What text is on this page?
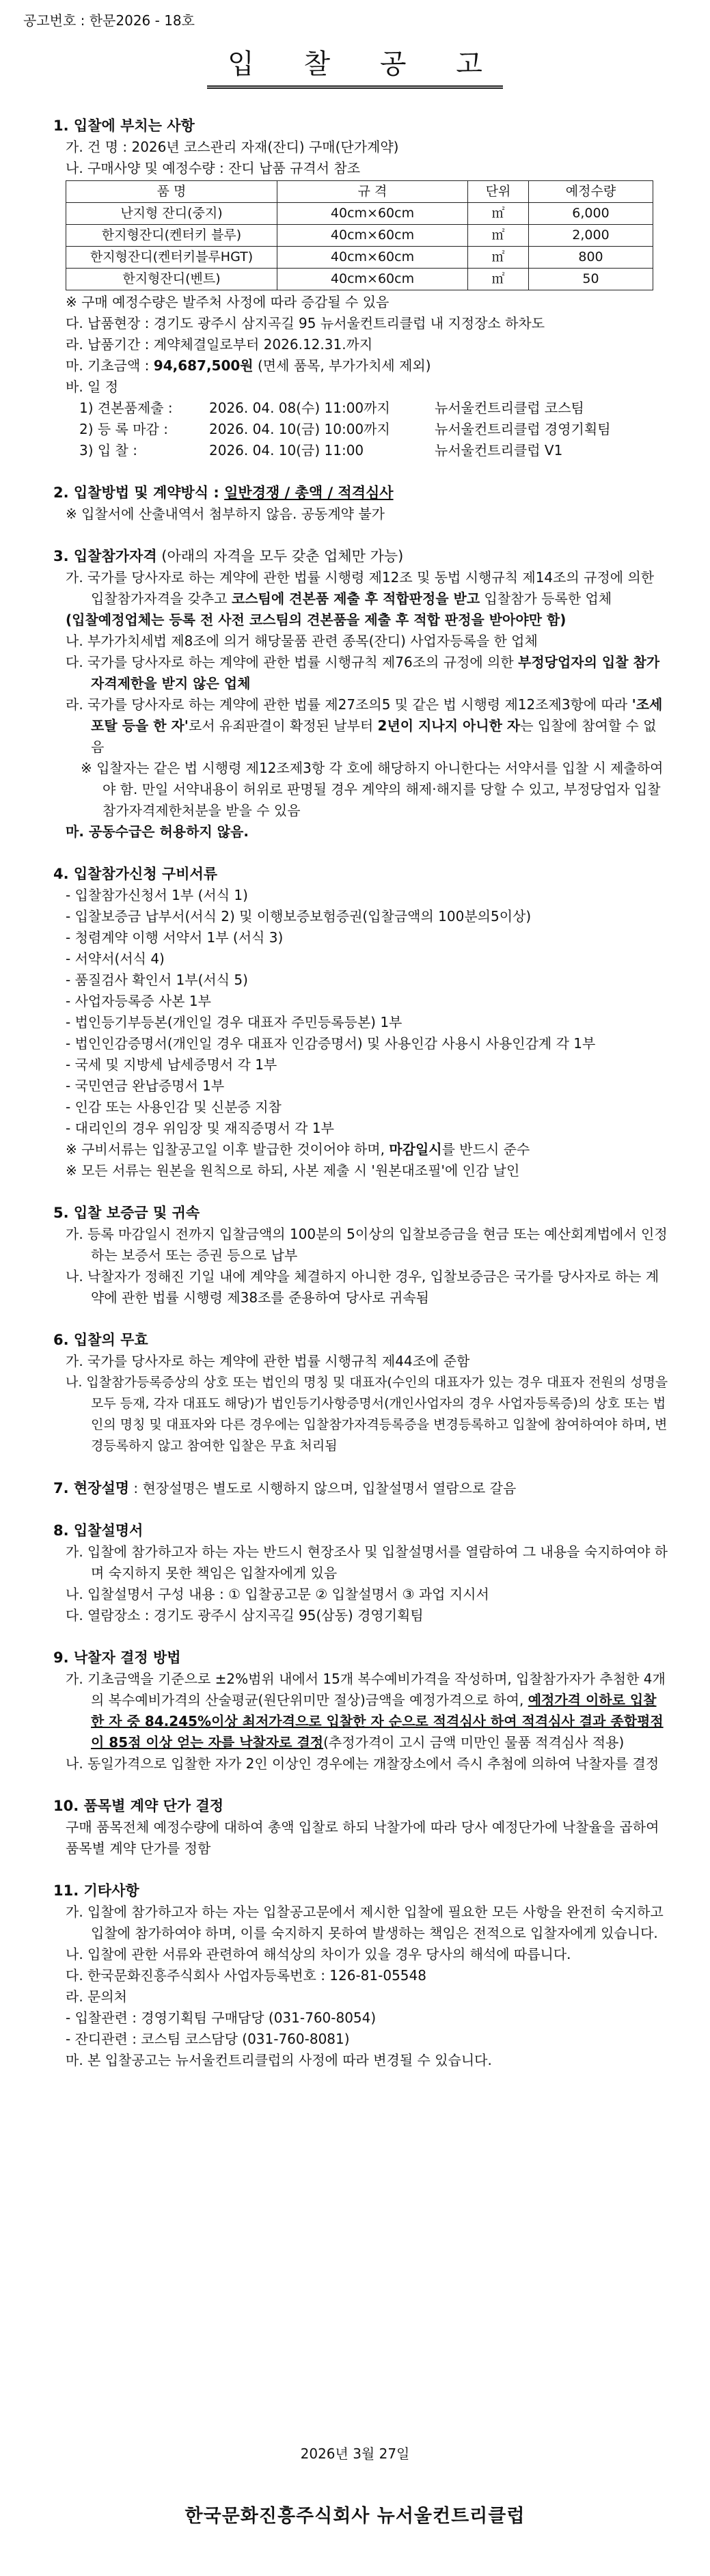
공고번호 : 한문2026 - 18호
입 찰 공 고
1. 입찰에 부치는 사항
가. 건 명 : 2026년 코스관리 자재(잔디) 구매(단가계약)
나. 구매사양 및 예정수량 : 잔디 납품 규격서 참조
품 명	규 격	단위	예정수량
난지형 잔디(중지)	40cm×60cm	㎡	6,000
한지형잔디(켄터키 블루)	40cm×60cm	㎡	2,000
한지형잔디(켄터키블루HGT)	40cm×60cm	㎡	800
한지형잔디(벤트)	40cm×60cm	㎡	50
※ 구매 예정수량은 발주처 사정에 따라 증감될 수 있음
다. 납품현장 : 경기도 광주시 삼지곡길 95 뉴서울컨트리클럽 내 지정장소 하차도
라. 납품기간 : 계약체결일로부터 2026.12.31.까지
마. 기초금액 : 94,687,500원 (면세 품목, 부가가치세 제외)
바. 일 정
1) 견본품제출 :	2026. 04. 08(수) 11:00까지	뉴서울컨트리클럽 코스팀
2) 등 록 마감 :	2026. 04. 10(금) 10:00까지	뉴서울컨트리클럽 경영기획팀
3) 입 찰 :	2026. 04. 10(금) 11:00	뉴서울컨트리클럽 V1
2. 입찰방법 및 계약방식 : 일반경쟁 / 총액 / 적격심사
※ 입찰서에 산출내역서 첨부하지 않음. 공동계약 불가
3. 입찰참가자격 (아래의 자격을 모두 갖춘 업체만 가능)
가. 국가를 당사자로 하는 계약에 관한 법률 시행령 제12조 및 동법 시행규칙 제14조의 규정에 의한 입찰참가자격을 갖추고 코스팀에 견본품 제출 후 적합판정을 받고 입찰참가 등록한 업체
(입찰예정업체는 등록 전 사전 코스팀의 견본품을 제출 후 적합 판정을 받아야만 함)
나. 부가가치세법 제8조에 의거 해당물품 관련 종목(잔디) 사업자등록을 한 업체
다. 국가를 당사자로 하는 계약에 관한 법률 시행규칙 제76조의 규정에 의한 부정당업자의 입찰 참가 자격제한을 받지 않은 업체
라. 국가를 당사자로 하는 계약에 관한 법률 제27조의5 및 같은 법 시행령 제12조제3항에 따라 '조세포탈 등을 한 자'로서 유죄판결이 확정된 날부터 2년이 지나지 아니한 자는 입찰에 참여할 수 없음
※ 입찰자는 같은 법 시행령 제12조제3항 각 호에 해당하지 아니한다는 서약서를 입찰 시 제출하여야 함. 만일 서약내용이 허위로 판명될 경우 계약의 해제·해지를 당할 수 있고, 부정당업자 입찰참가자격제한처분을 받을 수 있음
마. 공동수급은 허용하지 않음.
4. 입찰참가신청 구비서류
- 입찰참가신청서 1부 (서식 1)
- 입찰보증금 납부서(서식 2) 및 이행보증보험증권(입찰금액의 100분의5이상)
- 청렴계약 이행 서약서 1부 (서식 3)
- 서약서(서식 4)
- 품질검사 확인서 1부(서식 5)
- 사업자등록증 사본 1부
- 법인등기부등본(개인일 경우 대표자 주민등록등본) 1부
- 법인인감증명서(개인일 경우 대표자 인감증명서) 및 사용인감 사용시 사용인감계 각 1부
- 국세 및 지방세 납세증명서 각 1부
- 국민연금 완납증명서 1부
- 인감 또는 사용인감 및 신분증 지참
- 대리인의 경우 위임장 및 재직증명서 각 1부
※ 구비서류는 입찰공고일 이후 발급한 것이어야 하며, 마감일시를 반드시 준수
※ 모든 서류는 원본을 원칙으로 하되, 사본 제출 시 '원본대조필'에 인감 날인
5. 입찰 보증금 및 귀속
가. 등록 마감일시 전까지 입찰금액의 100분의 5이상의 입찰보증금을 현금 또는 예산회계법에서 인정하는 보증서 또는 증권 등으로 납부
나. 낙찰자가 정해진 기일 내에 계약을 체결하지 아니한 경우, 입찰보증금은 국가를 당사자로 하는 계약에 관한 법률 시행령 제38조를 준용하여 당사로 귀속됨
6. 입찰의 무효
가. 국가를 당사자로 하는 계약에 관한 법률 시행규칙 제44조에 준함
나. 입찰참가등록증상의 상호 또는 법인의 명칭 및 대표자(수인의 대표자가 있는 경우 대표자 전원의 성명을 모두 등재, 각자 대표도 해당)가 법인등기사항증명서(개인사업자의 경우 사업자등록증)의 상호 또는 법인의 명칭 및 대표자와 다른 경우에는 입찰참가자격등록증을 변경등록하고 입찰에 참여하여야 하며, 변경등록하지 않고 참여한 입찰은 무효 처리됨
7. 현장설명 : 현장설명은 별도로 시행하지 않으며, 입찰설명서 열람으로 갈음
8. 입찰설명서
가. 입찰에 참가하고자 하는 자는 반드시 현장조사 및 입찰설명서를 열람하여 그 내용을 숙지하여야 하며 숙지하지 못한 책임은 입찰자에게 있음
나. 입찰설명서 구성 내용 : ① 입찰공고문 ② 입찰설명서 ③ 과업 지시서
다. 열람장소 : 경기도 광주시 삼지곡길 95(삼동) 경영기획팀
9. 낙찰자 결정 방법
가. 기초금액을 기준으로 ±2%범위 내에서 15개 복수예비가격을 작성하며, 입찰참가자가 추첨한 4개의 복수예비가격의 산술평균(원단위미만 절상)금액을 예정가격으로 하여, 예정가격 이하로 입찰한 자 중 84.245%이상 최저가격으로 입찰한 자 순으로 적격심사 하여 적격심사 결과 종합평점이 85점 이상 얻는 자를 낙찰자로 결정(추정가격이 고시 금액 미만인 물품 적격심사 적용)
나. 동일가격으로 입찰한 자가 2인 이상인 경우에는 개찰장소에서 즉시 추첨에 의하여 낙찰자를 결정
10. 품목별 계약 단가 결정
구매 품목전체 예정수량에 대하여 총액 입찰로 하되 낙찰가에 따라 당사 예정단가에 낙찰율을 곱하여 품목별 계약 단가를 정함
11. 기타사항
가. 입찰에 참가하고자 하는 자는 입찰공고문에서 제시한 입찰에 필요한 모든 사항을 완전히 숙지하고 입찰에 참가하여야 하며, 이를 숙지하지 못하여 발생하는 책임은 전적으로 입찰자에게 있습니다.
나. 입찰에 관한 서류와 관련하여 해석상의 차이가 있을 경우 당사의 해석에 따릅니다.
다. 한국문화진흥주식회사 사업자등록번호 : 126-81-05548
라. 문의처
- 입찰관련 : 경영기획팀 구매담당 (031-760-8054)
- 잔디관련 : 코스팀 코스담당 (031-760-8081)
마. 본 입찰공고는 뉴서울컨트리클럽의 사정에 따라 변경될 수 있습니다.
2026년 3월 27일
한국문화진흥주식회사 뉴서울컨트리클럽
